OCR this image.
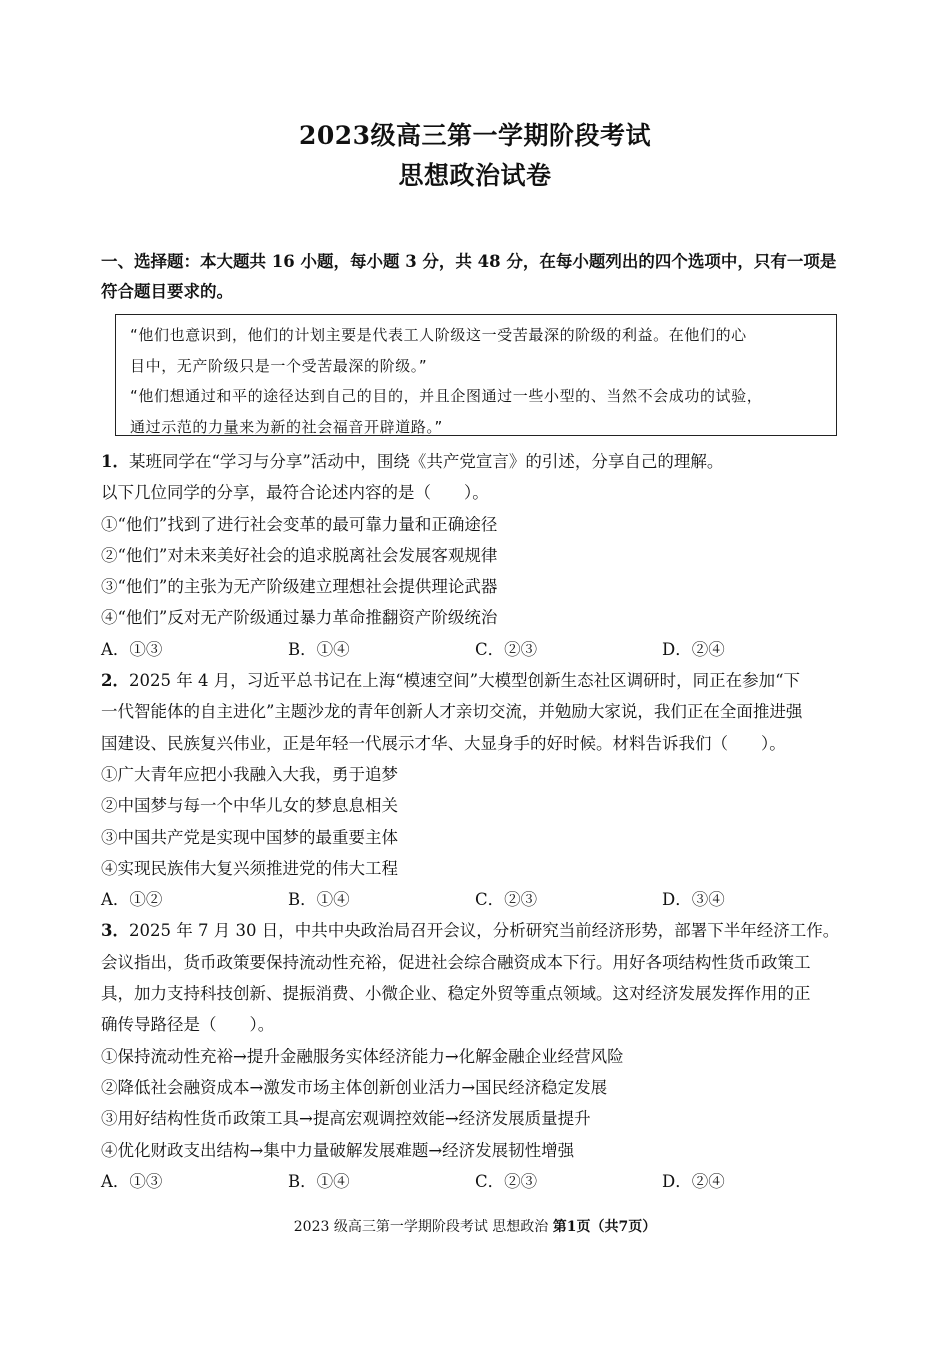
2023级高三第一学期阶段考试
思想政治试卷
一、选择题：本大题共 16 小题，每小题 3 分，共 48 分，在每小题列出的四个选项中，只有一项是
符合题目要求的。
“他们也意识到，他们的计划主要是代表工人阶级这一受苦最深的阶级的利益。在他们的心
目中，无产阶级只是一个受苦最深的阶级。”
“他们想通过和平的途径达到自己的目的，并且企图通过一些小型的、当然不会成功的试验，
通过示范的力量来为新的社会福音开辟道路。”
1．某班同学在“学习与分享”活动中，围绕《共产党宣言》的引述，分享自己的理解。
以下几位同学的分享，最符合论述内容的是（　　）。
①“他们”找到了进行社会变革的最可靠力量和正确途径
②“他们”对未来美好社会的追求脱离社会发展客观规律
③“他们”的主张为无产阶级建立理想社会提供理论武器
④“他们”反对无产阶级通过暴力革命推翻资产阶级统治
A．①③	B．①④	C．②③	D．②④
2．2025 年 4 月，习近平总书记在上海“模速空间”大模型创新生态社区调研时，同正在参加“下
一代智能体的自主进化”主题沙龙的青年创新人才亲切交流，并勉励大家说，我们正在全面推进强
国建设、民族复兴伟业，正是年轻一代展示才华、大显身手的好时候。材料告诉我们（　　）。
①广大青年应把小我融入大我，勇于追梦
②中国梦与每一个中华儿女的梦息息相关
③中国共产党是实现中国梦的最重要主体
④实现民族伟大复兴须推进党的伟大工程
A．①②	B．①④	C．②③	D．③④
3．2025 年 7 月 30 日，中共中央政治局召开会议，分析研究当前经济形势，部署下半年经济工作。
会议指出，货币政策要保持流动性充裕，促进社会综合融资成本下行。用好各项结构性货币政策工
具，加力支持科技创新、提振消费、小微企业、稳定外贸等重点领域。这对经济发展发挥作用的正
确传导路径是（　　）。
①保持流动性充裕→提升金融服务实体经济能力→化解金融企业经营风险
②降低社会融资成本→激发市场主体创新创业活力→国民经济稳定发展
③用好结构性货币政策工具→提高宏观调控效能→经济发展质量提升
④优化财政支出结构→集中力量破解发展难题→经济发展韧性增强
A．①③	B．①④	C．②③	D．②④
2023 级高三第一学期阶段考试 思想政治 第1页（共7页）
